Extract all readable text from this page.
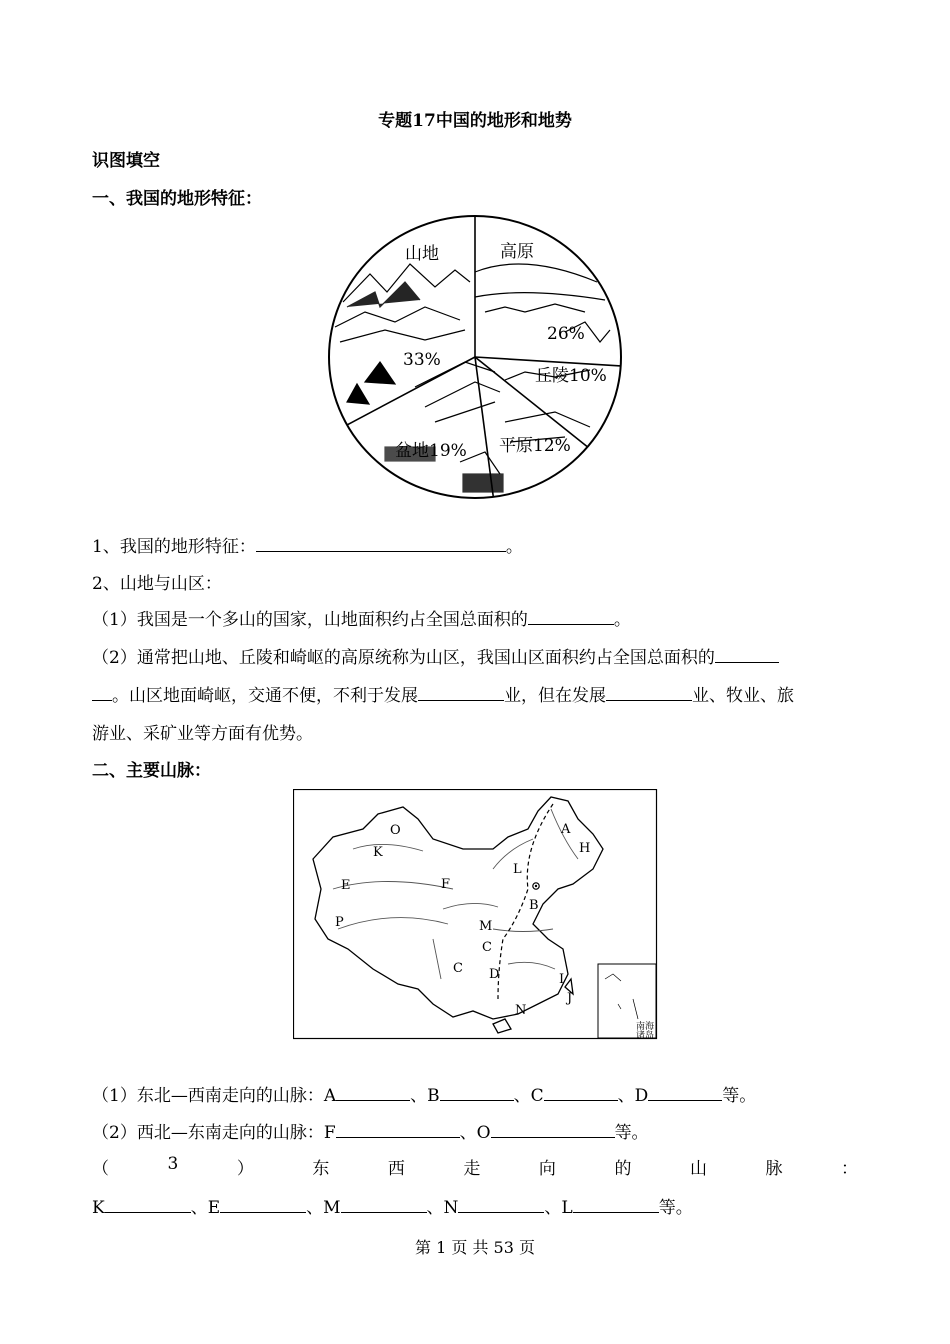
专题17中国的地形和地势
识图填空
一、我国的地形特征：
山地	高原
26%
33%
丘陵10%
平原12%
盆地19%
1、我国的地形特征：	。
2、山地与山区：
（1）我国是一个多山的国家，山地面积约占全国总面积的	。
（2）通常把山地、丘陵和崎岖的高原统称为山区，我国山区面积约占全国总面积的
。山区地面崎岖，交通不便，不利于发展	业，但在发展	业、牧业、旅
游业、采矿业等方面有优势。
二、主要山脉：
南海
诸岛
A
B
C
C D
E	F
H
I
J
K
L
M
N
O
P
（1）东北—西南走向的山脉：A	、B	、C	、D	等。
（2）西北—东南走向的山脉：F	、O	等。
（	3	）	东	西	走	向	的	山	脉	：
K	、E	、M	、N	、L	等。
第 1 页 共 53 页
